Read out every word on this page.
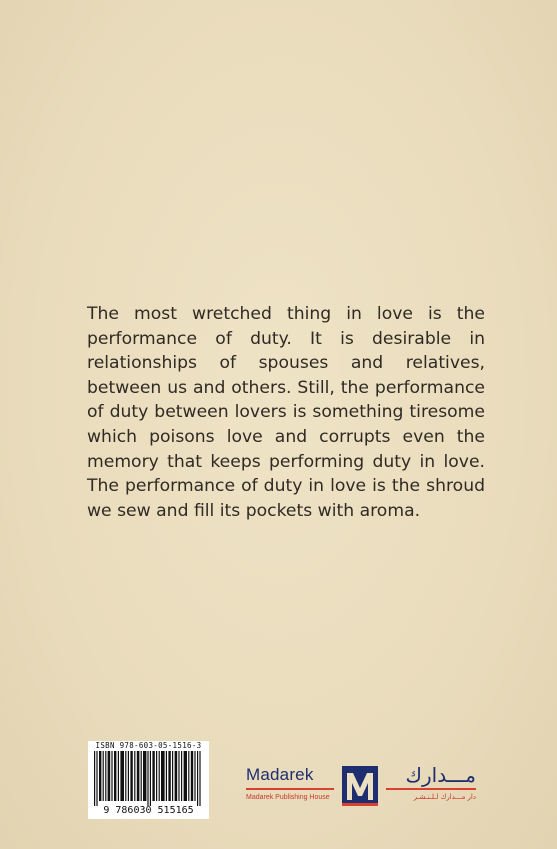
The most wretched thing in love is the performance of duty. It is desirable in relationships of spouses and relatives, between us and others. Still, the performance of duty between lovers is something tiresome which poisons love and corrupts even the memory that keeps performing duty in love. The performance of duty in love is the shroud we sew and fill its pockets with aroma.

ISBN 978-603-05-1516-3
9 786030 515165
Madarek
Madarek Publishing House
مـــدارك
دار مـــدارك لـلـنـشـر
